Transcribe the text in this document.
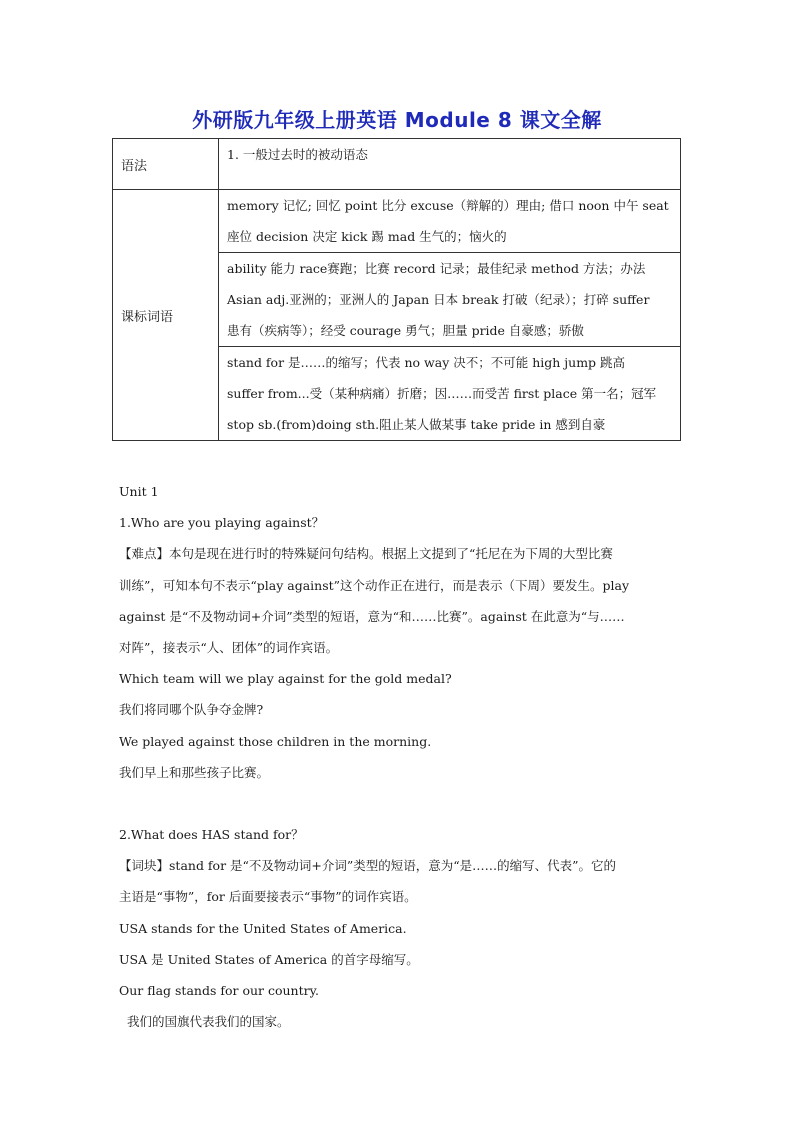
外研版九年级上册英语 Module 8 课文全解
语法	1. 一般过去时的被动语态
课标词语	memory 记忆; 回忆 point 比分 excuse（辩解的）理由; 借口 noon 中午 seat

座位 decision 决定 kick 踢 mad 生气的；恼火的

	ability 能力 race赛跑；比赛 record 记录；最佳纪录 method 方法；办法

Asian adj.亚洲的；亚洲人的 Japan 日本 break 打破（纪录）；打碎 suffer

患有（疾病等）；经受 courage 勇气；胆量 pride 自豪感；骄傲

	stand for 是……的缩写；代表 no way 决不；不可能 high jump 跳高

suffer from...受（某种病痛）折磨；因……而受苦 first place 第一名；冠军

stop sb.(from)doing sth.阻止某人做某事 take pride in 感到自豪

Unit 1

1.Who are you playing against？

【难点】本句是现在进行时的特殊疑问句结构。根据上文提到了“托尼在为下周的大型比赛

训练”，可知本句不表示“play against”这个动作正在进行，而是表示（下周）要发生。play

against 是“不及物动词+介词”类型的短语，意为“和……比赛”。against 在此意为“与……

对阵”，接表示“人、团体”的词作宾语。

Which team will we play against for the gold medal?

我们将同哪个队争夺金牌?

We played against those children in the morning.

我们早上和那些孩子比赛。

2.What does HAS stand for？

【词块】stand for 是“不及物动词+介词”类型的短语，意为“是……的缩写、代表”。它的

主语是“事物”，for 后面要接表示“事物”的词作宾语。

USA stands for the United States of America.

USA 是 United States of America 的首字母缩写。

Our flag stands for our country.

我们的国旗代表我们的国家。
